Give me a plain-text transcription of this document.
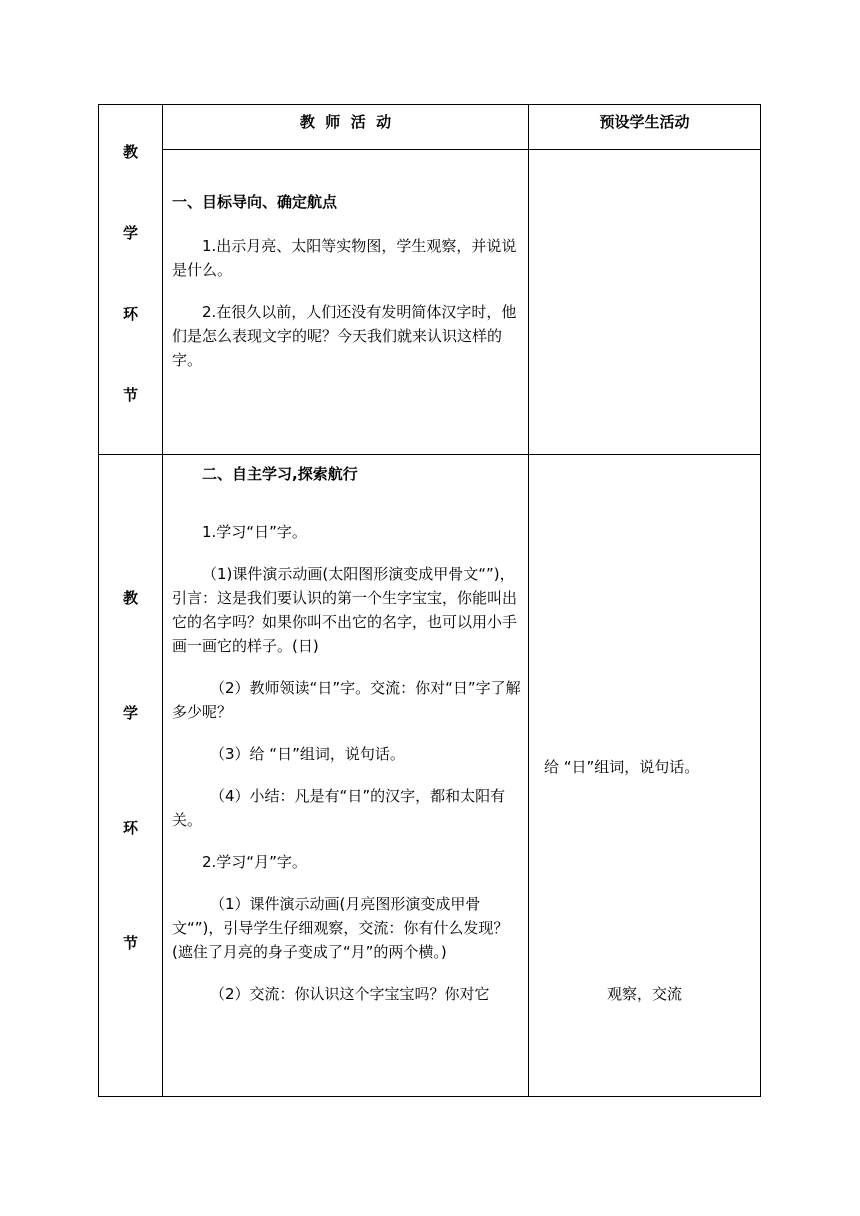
教
学
环
节
教  师  活  动	预设学生活动

一、目标导向、确定航点

1.出示月亮、太阳等实物图，学生观察，并说说是什么。

2.在很久以前，人们还没有发明简体汉字时，他们是怎么表现文字的呢？今天我们就来认识这样的字。

教
学
环
节

二、自主学习,探索航行

1.学习“日”字。

（1)课件演示动画(太阳图形演变成甲骨文“”)，引言：这是我们要认识的第一个生字宝宝，你能叫出它的名字吗？如果你叫不出它的名字，也可以用小手画一画它的样子。(日)

（2）教师领读“日”字。交流：你对“日”字了解多少呢？

（3）给 “日”组词，说句话。

（4）小结：凡是有“日”的汉字，都和太阳有关。

2.学习“月”字。

（1）课件演示动画(月亮图形演变成甲骨文“”)，引导学生仔细观察，交流：你有什么发现？(遮住了月亮的身子变成了“月”的两个横。)

（2）交流：你认识这个字宝宝吗？你对它

给 “日”组词，说句话。
观察，交流
